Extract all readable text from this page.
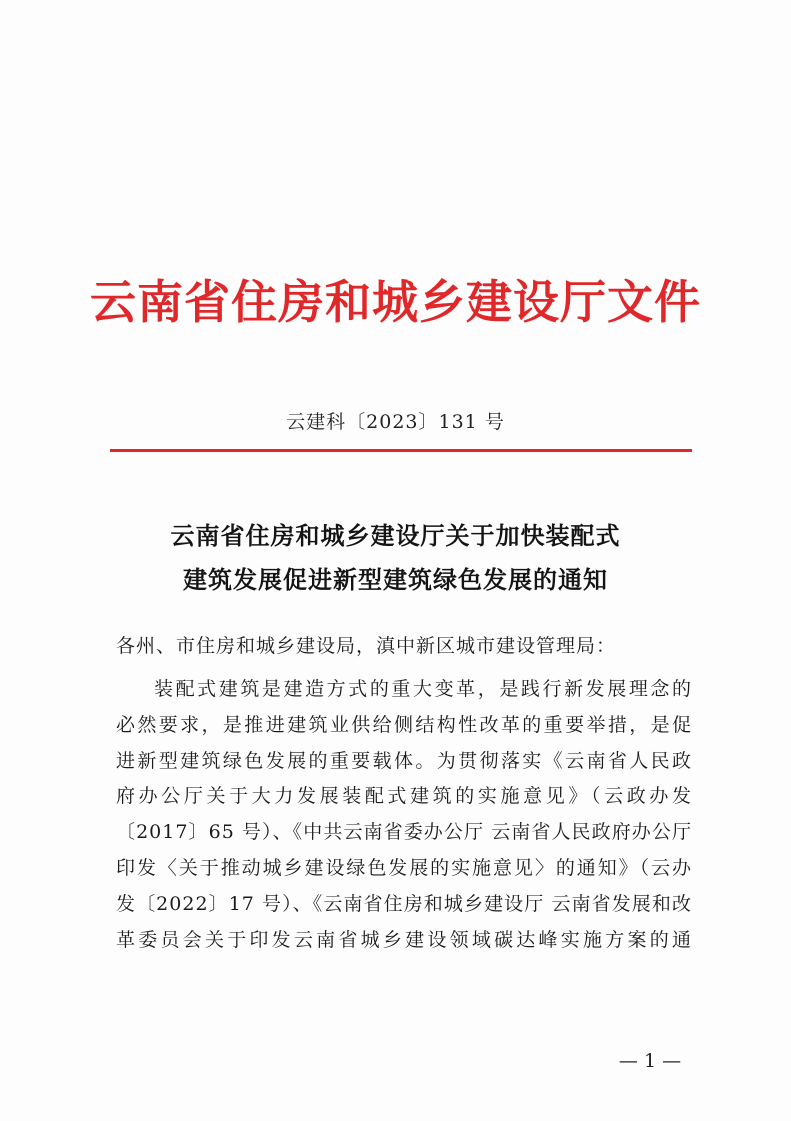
云南省住房和城乡建设厅文件
云建科〔2023〕131 号
云南省住房和城乡建设厅关于加快装配式
建筑发展促进新型建筑绿色发展的通知
各州、市住房和城乡建设局，滇中新区城市建设管理局：
装配式建筑是建造方式的重大变革，是践行新发展理念的
必然要求，是推进建筑业供给侧结构性改革的重要举措，是促
进新型建筑绿色发展的重要载体。为贯彻落实《云南省人民政
府办公厅关于大力发展装配式建筑的实施意见》（云政办发
〔2017〕65 号）、《中共云南省委办公厅 云南省人民政府办公厅
印发〈关于推动城乡建设绿色发展的实施意见〉的通知》（云办
发〔2022〕17 号）、《云南省住房和城乡建设厅 云南省发展和改
革委员会关于印发云南省城乡建设领域碳达峰实施方案的通
— 1 —
